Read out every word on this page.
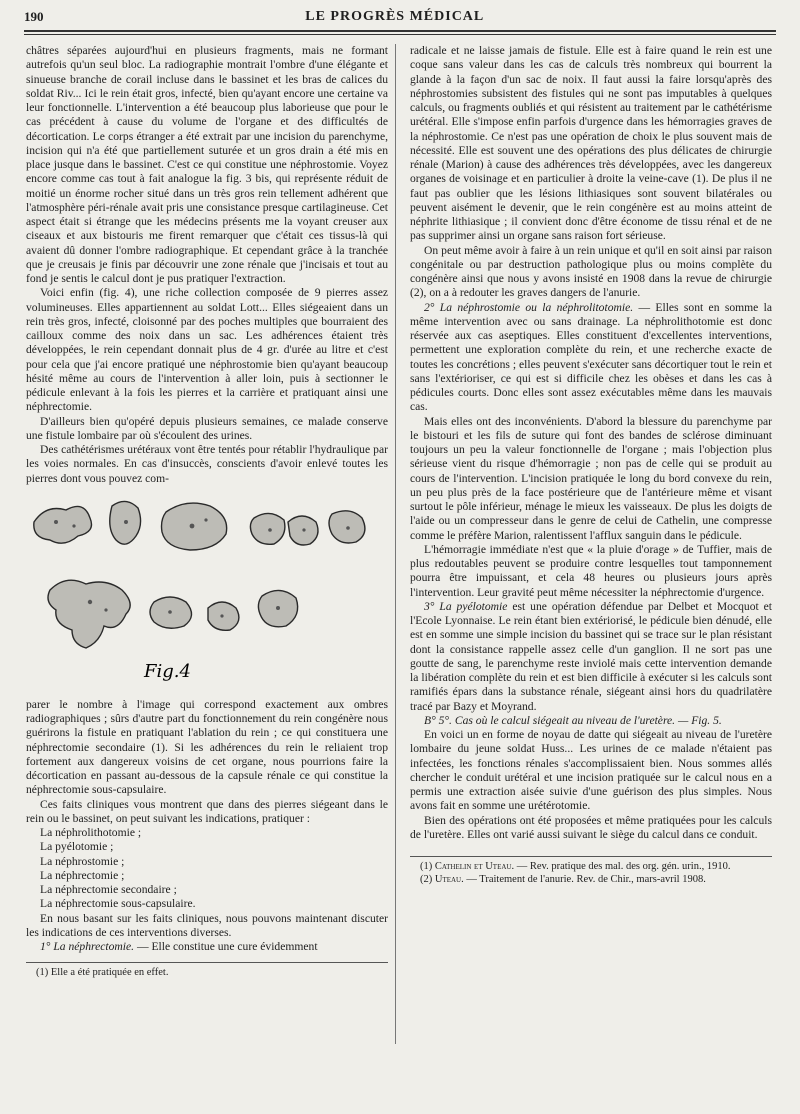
190	LE PROGRÈS MÉDICAL

châtres séparées aujourd'hui en plusieurs fragments, mais ne formant autrefois qu'un seul bloc. La radiographie montrait l'ombre d'une élégante et sinueuse branche de corail incluse dans le bassinet et les bras de calices du soldat Riv... Ici le rein était gros, infecté, bien qu'ayant encore une certaine va leur fonctionnelle. L'intervention a été beaucoup plus laborieuse que pour le cas précédent à cause du volume de l'organe et des difficultés de décortication. Le corps étranger a été extrait par une incision du parenchyme, incision qui n'a été que partiellement suturée et un gros drain a été mis en place jusque dans le bassinet. C'est ce qui constitue une néphrostomie. Voyez encore comme cas tout à fait analogue la fig. 3 bis, qui représente réduit de moitié un énorme rocher situé dans un très gros rein tellement adhérent que l'atmosphère péri-rénale avait pris une consistance presque cartilagineuse. Cet aspect était si étrange que les médecins présents me la voyant creuser aux ciseaux et aux bistouris me firent remarquer que c'était ces tissus-là qui avaient dû donner l'ombre radiographique. Et cependant grâce à la tranchée que je creusais je finis par découvrir une zone rénale que j'incisais et tout au fond je sentis le calcul dont je pus pratiquer l'extraction.

Voici enfin (fig. 4), une riche collection composée de 9 pierres assez volumineuses. Elles appartiennent au soldat Lott... Elles siégeaient dans un rein très gros, infecté, cloisonné par des poches multiples que bourraient des cailloux comme des noix dans un sac. Les adhérences étaient très développées, le rein cependant donnait plus de 4 gr. d'urée au litre et c'est pour cela que j'ai encore pratiqué une néphrostomie bien qu'ayant beaucoup hésité même au cours de l'intervention à aller loin, puis à sectionner le pédicule enlevant à la fois les pierres et la carrière et pratiquant ainsi une néphrectomie.

D'ailleurs bien qu'opéré depuis plusieurs semaines, ce malade conserve une fistule lombaire par où s'écoulent des urines.

Des cathétérismes urétéraux vont être tentés pour rétablir l'hydraulique par les voies normales. En cas d'insuccès, conscients d'avoir enlevé toutes les pierres dont vous pouvez com-

Fig.4

parer le nombre à l'image qui correspond exactement aux ombres radiographiques ; sûrs d'autre part du fonctionnement du rein congénère nous guérirons la fistule en pratiquant l'ablation du rein ; ce qui constituera une néphrectomie secondaire (1). Si les adhérences du rein le reliaient trop fortement aux dangereux voisins de cet organe, nous pourrions faire la décortication en passant au-dessous de la capsule rénale ce qui constitue la néphrectomie sous-capsulaire.

Ces faits cliniques vous montrent que dans des pierres siégeant dans le rein ou le bassinet, on peut suivant les indications, pratiquer :

La néphrolithotomie ;
La pyélotomie ;
La néphrostomie ;
La néphrectomie ;
La néphrectomie secondaire ;
La néphrectomie sous-capsulaire.

En nous basant sur les faits cliniques, nous pouvons maintenant discuter les indications de ces interventions diverses.

1° La néphrectomie. — Elle constitue une cure évidemment

(1) Elle a été pratiquée en effet.

radicale et ne laisse jamais de fistule. Elle est à faire quand le rein est une coque sans valeur dans les cas de calculs très nombreux qui bourrent la glande à la façon d'un sac de noix. Il faut aussi la faire lorsqu'après des néphrostomies subsistent des fistules qui ne sont pas imputables à quelques calculs, ou fragments oubliés et qui résistent au traitement par le cathétérisme urétéral. Elle s'impose enfin parfois d'urgence dans les hémorragies graves de la néphrostomie. Ce n'est pas une opération de choix le plus souvent mais de nécessité. Elle est souvent une des opérations des plus délicates de chirurgie rénale (Marion) à cause des adhérences très développées, avec les dangereux organes de voisinage et en particulier à droite la veine-cave (1). De plus il ne faut pas oublier que les lésions lithiasiques sont souvent bilatérales ou peuvent aisément le devenir, que le rein congénère est au moins atteint de néphrite lithiasique ; il convient donc d'être économe de tissu rénal et de ne pas supprimer ainsi un organe sans raison fort sérieuse.

On peut même avoir à faire à un rein unique et qu'il en soit ainsi par raison congénitale ou par destruction pathologique plus ou moins complète du congénère ainsi que nous y avons insisté en 1908 dans la revue de chirurgie (2), on a à redouter les graves dangers de l'anurie.

2° La néphrostomie ou la néphrolitotomie. — Elles sont en somme la même intervention avec ou sans drainage. La néphrolithotomie est donc réservée aux cas aseptiques. Elles constituent d'excellentes interventions, permettent une exploration complète du rein, et une recherche exacte de toutes les concrétions ; elles peuvent s'exécuter sans décortiquer tout le rein et sans l'extérioriser, ce qui est si difficile chez les obèses et dans les cas à pédicules courts. Donc elles sont assez exécutables même dans les mauvais cas.

Mais elles ont des inconvénients. D'abord la blessure du parenchyme par le bistouri et les fils de suture qui font des bandes de sclérose diminuant toujours un peu la valeur fonctionnelle de l'organe ; mais l'objection plus sérieuse vient du risque d'hémorragie ; non pas de celle qui se produit au cours de l'intervention. L'incision pratiquée le long du bord convexe du rein, un peu plus près de la face postérieure que de l'antérieure même et visant surtout le pôle inférieur, ménage le mieux les vaisseaux. De plus les doigts de l'aide ou un compresseur dans le genre de celui de Cathelin, une compresse comme le préfère Marion, ralentissent l'afflux sanguin dans le pédicule.

L'hémorragie immédiate n'est que « la pluie d'orage » de Tuffier, mais de plus redoutables peuvent se produire contre lesquelles tout tamponnement pourra être impuissant, et cela 48 heures ou plusieurs jours après l'intervention. Leur gravité peut même nécessiter la néphrectomie d'urgence.

3° La pyélotomie est une opération défendue par Delbet et Mocquot et l'Ecole Lyonnaise. Le rein étant bien extériorisé, le pédicule bien dénudé, elle est en somme une simple incision du bassinet qui se trace sur le plan résistant dont la consistance rappelle assez celle d'un ganglion. Il ne sort pas une goutte de sang, le parenchyme reste inviolé mais cette intervention demande la libération complète du rein et est bien difficile à exécuter si les calculs sont ramifiés épars dans la substance rénale, siégeant ainsi hors du quadrilatère tracé par Bazy et Moyrand.

B° 5°. Cas où le calcul siégeait au niveau de l'uretère. — Fig. 5.

En voici un en forme de noyau de datte qui siégeait au niveau de l'uretère lombaire du jeune soldat Huss... Les urines de ce malade n'étaient pas infectées, les fonctions rénales s'accomplissaient bien. Nous sommes allés chercher le conduit urétéral et une incision pratiquée sur le calcul nous en a permis une extraction aisée suivie d'une guérison des plus simples. Nous avons fait en somme une urétérotomie.

Bien des opérations ont été proposées et même pratiquées pour les calculs de l'uretère. Elles ont varié aussi suivant le siège du calcul dans ce conduit.

(1) Cathelin et Uteau. — Rev. pratique des mal. des org. gén. urin., 1910.
(2) Uteau. — Traitement de l'anurie. Rev. de Chir., mars-avril 1908.
